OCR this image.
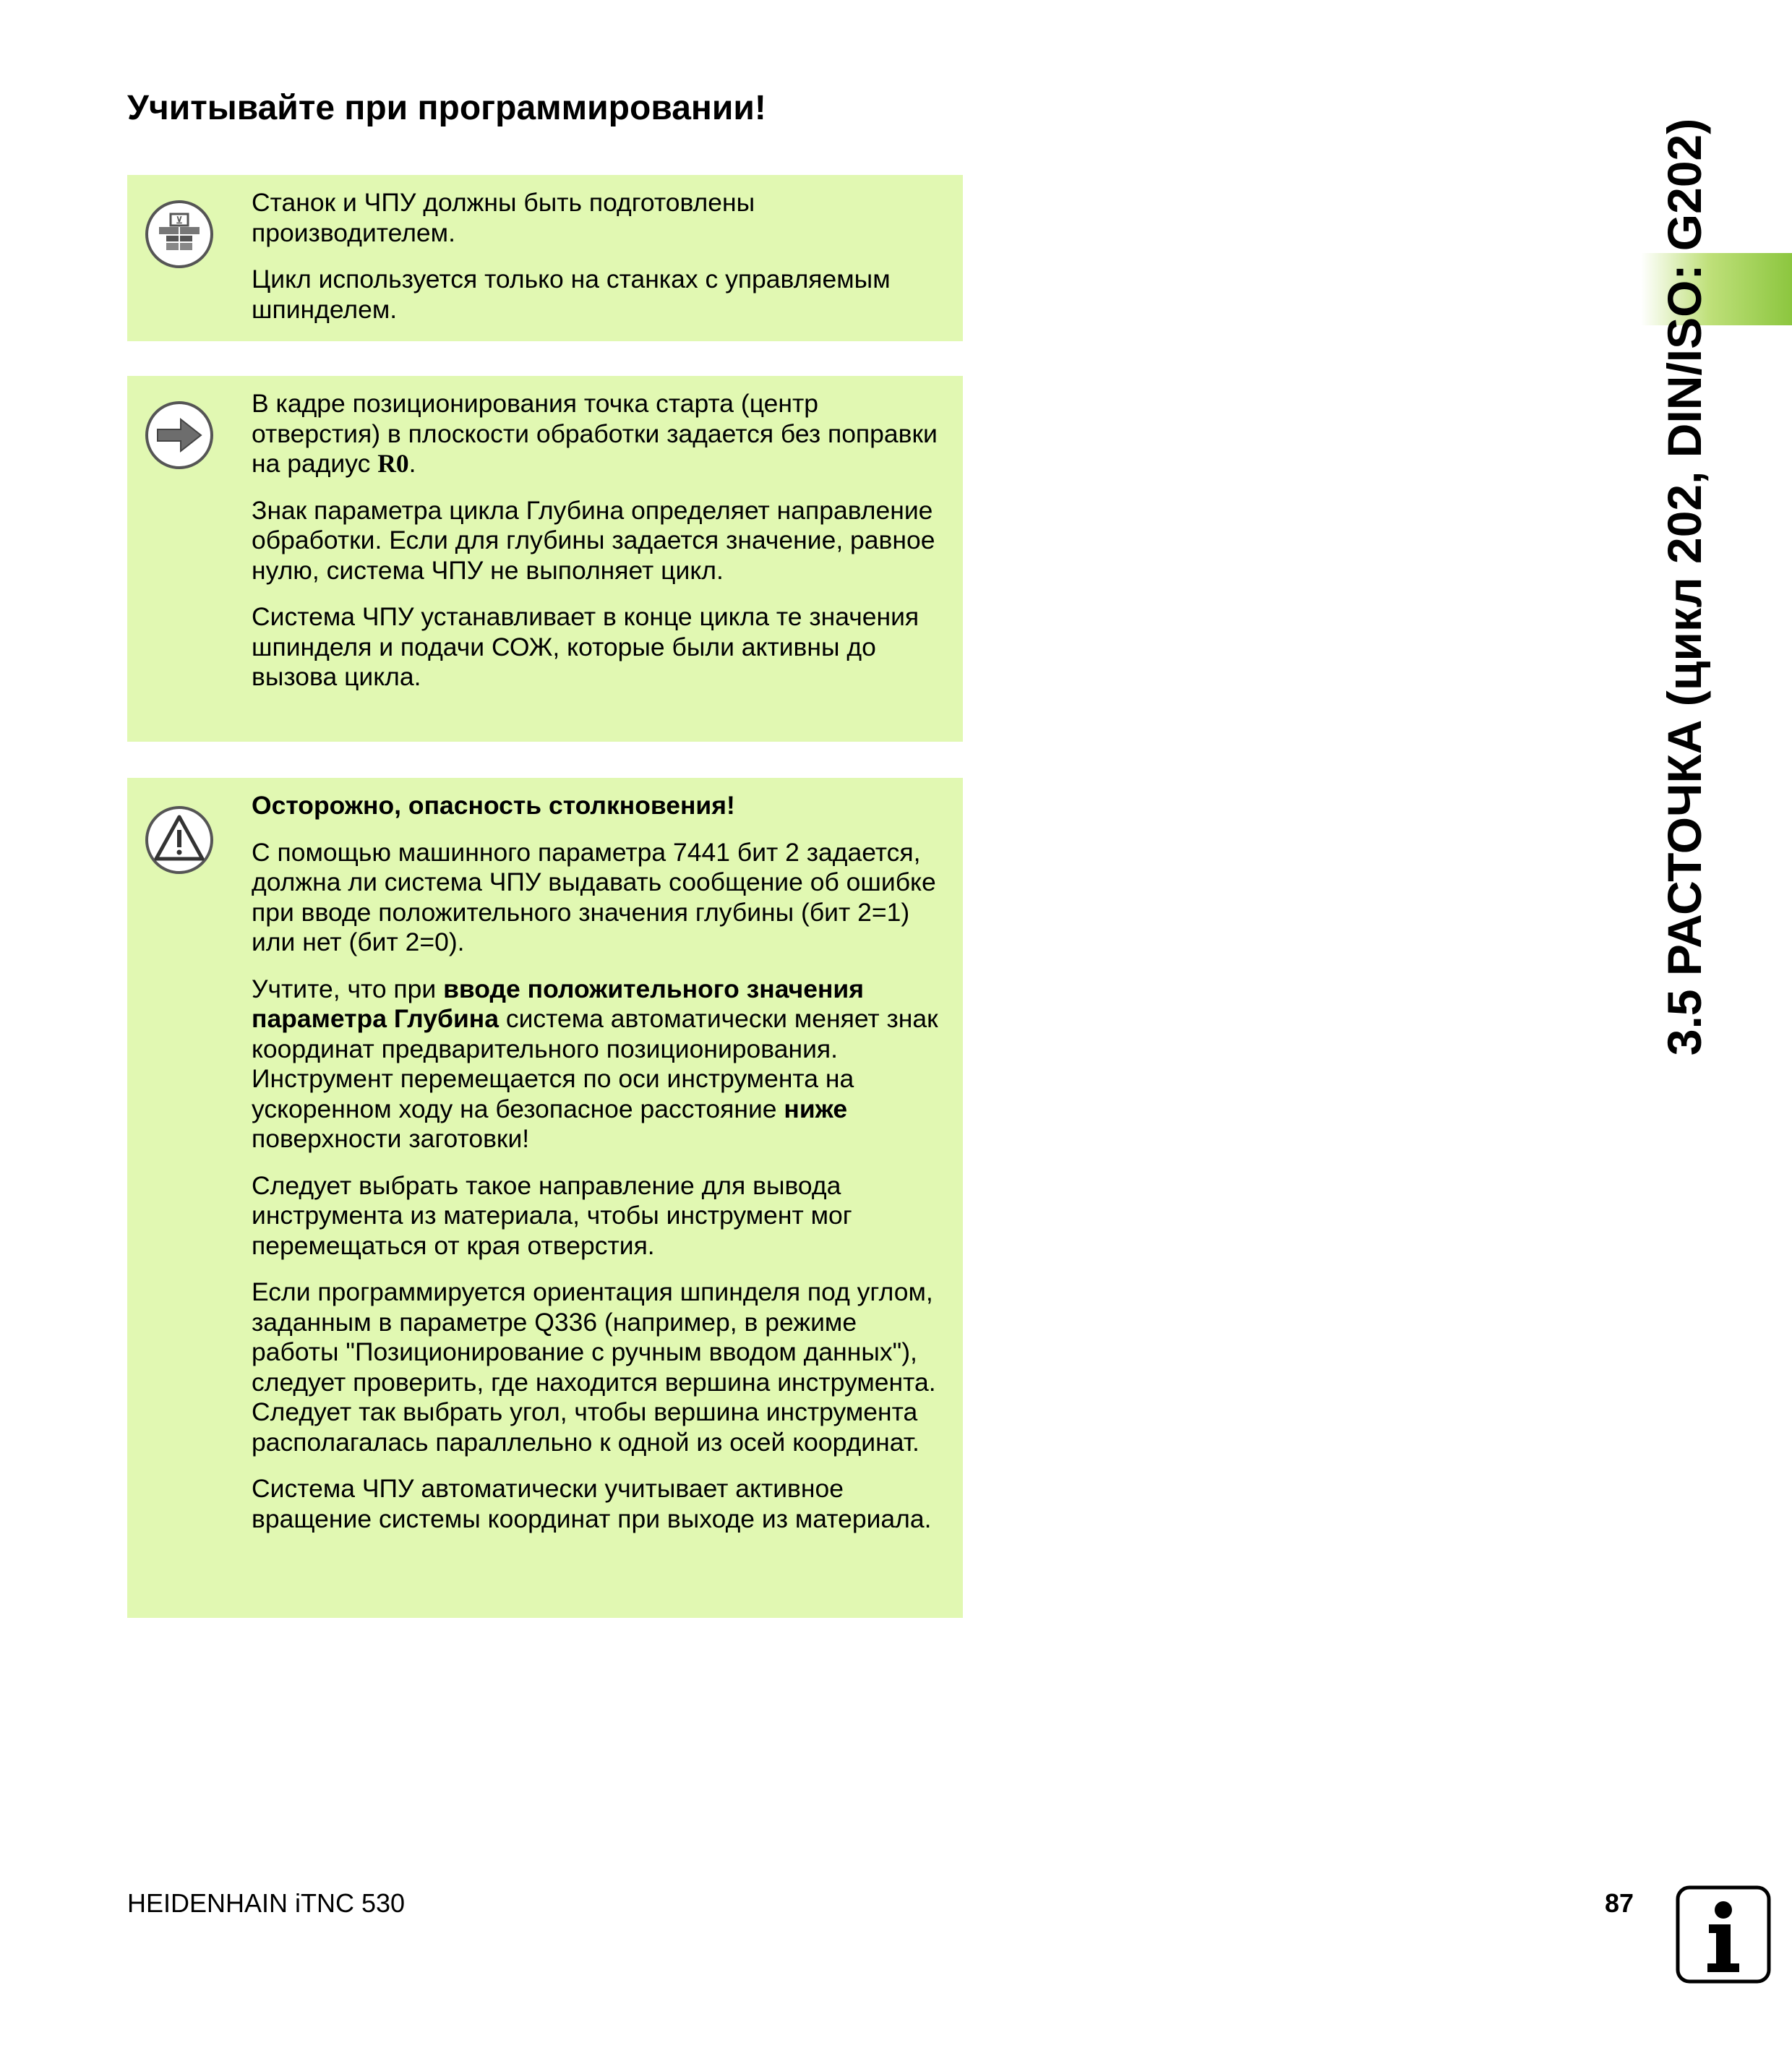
Учитывайте при программировании!
⊻

Станок и ЧПУ должны быть подготовлены производителем.

Цикл используется только на станках с управляемым шпинделем.

В кадре позиционирования точка старта (центр отверстия) в плоскости обработки задается без поправки на радиус R0.

Знак параметра цикла Глубина определяет направление обработки. Если для глубины задается значение, равное нулю, система ЧПУ не выполняет цикл.

Система ЧПУ устанавливает в конце цикла те значения шпинделя и подачи СОЖ, которые были активны до вызова цикла.

Осторожно, опасность столкновения!

С помощью машинного параметра 7441 бит 2 задается, должна ли система ЧПУ выдавать сообщение об ошибке при вводе положительного значения глубины (бит 2=1) или нет (бит 2=0).

Учтите, что при вводе положительного значения параметра Глубина система автоматически меняет знак координат предварительного позиционирования. Инструмент перемещается по оси инструмента на ускоренном ходу на безопасное расстояние ниже поверхности заготовки!

Следует выбрать такое направление для вывода инструмента из материала, чтобы инструмент мог перемещаться от края отверстия.

Если программируется ориентация шпинделя под углом, заданным в параметре Q336 (например, в режиме работы "Позиционирование с ручным вводом данных"), следует проверить, где находится вершина инструмента. Следует так выбрать угол, чтобы вершина инструмента располагалась параллельно к одной из осей координат.

Система ЧПУ автоматически учитывает активное вращение системы координат при выходе из материала.

3.5 РАСТОЧКА (цикл 202, DIN/ISO: G202)
HEIDENHAIN iTNC 530	87
